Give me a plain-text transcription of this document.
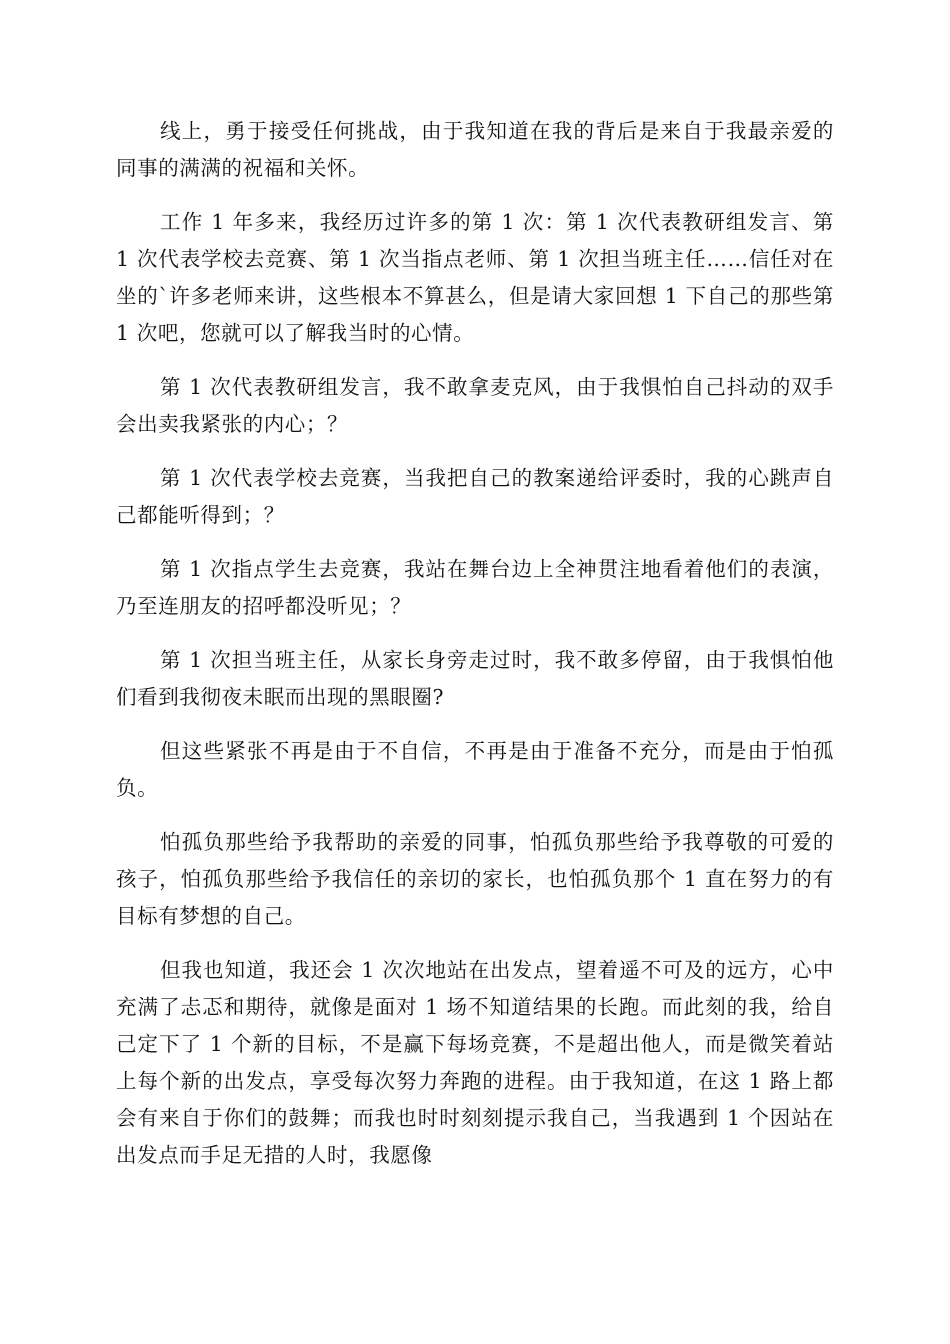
线上，勇于接受任何挑战，由于我知道在我的背后是来自于我最亲爱的同事的满满的祝福和关怀。

工作 1 年多来，我经历过许多的第 1 次：第 1 次代表教研组发言、第 1 次代表学校去竞赛、第 1 次当指点老师、第 1 次担当班主任……信任对在坐的`许多老师来讲，这些根本不算甚么，但是请大家回想 1 下自己的那些第 1 次吧，您就可以了解我当时的心情。

第 1 次代表教研组发言，我不敢拿麦克风，由于我惧怕自己抖动的双手会出卖我紧张的内心；？

第 1 次代表学校去竞赛，当我把自己的教案递给评委时，我的心跳声自己都能听得到；？

第 1 次指点学生去竞赛，我站在舞台边上全神贯注地看着他们的表演，乃至连朋友的招呼都没听见；？

第 1 次担当班主任，从家长身旁走过时，我不敢多停留，由于我惧怕他们看到我彻夜未眠而出现的黑眼圈?

但这些紧张不再是由于不自信，不再是由于准备不充分，而是由于怕孤负。

怕孤负那些给予我帮助的亲爱的同事，怕孤负那些给予我尊敬的可爱的孩子，怕孤负那些给予我信任的亲切的家长，也怕孤负那个 1 直在努力的有目标有梦想的自己。

但我也知道，我还会 1 次次地站在出发点，望着遥不可及的远方，心中充满了忐忑和期待，就像是面对 1 场不知道结果的长跑。而此刻的我，给自己定下了 1 个新的目标，不是赢下每场竞赛，不是超出他人，而是微笑着站上每个新的出发点，享受每次努力奔跑的进程。由于我知道，在这 1 路上都会有来自于你们的鼓舞；而我也时时刻刻提示我自己，当我遇到 1 个因站在出发点而手足无措的人时，我愿像
